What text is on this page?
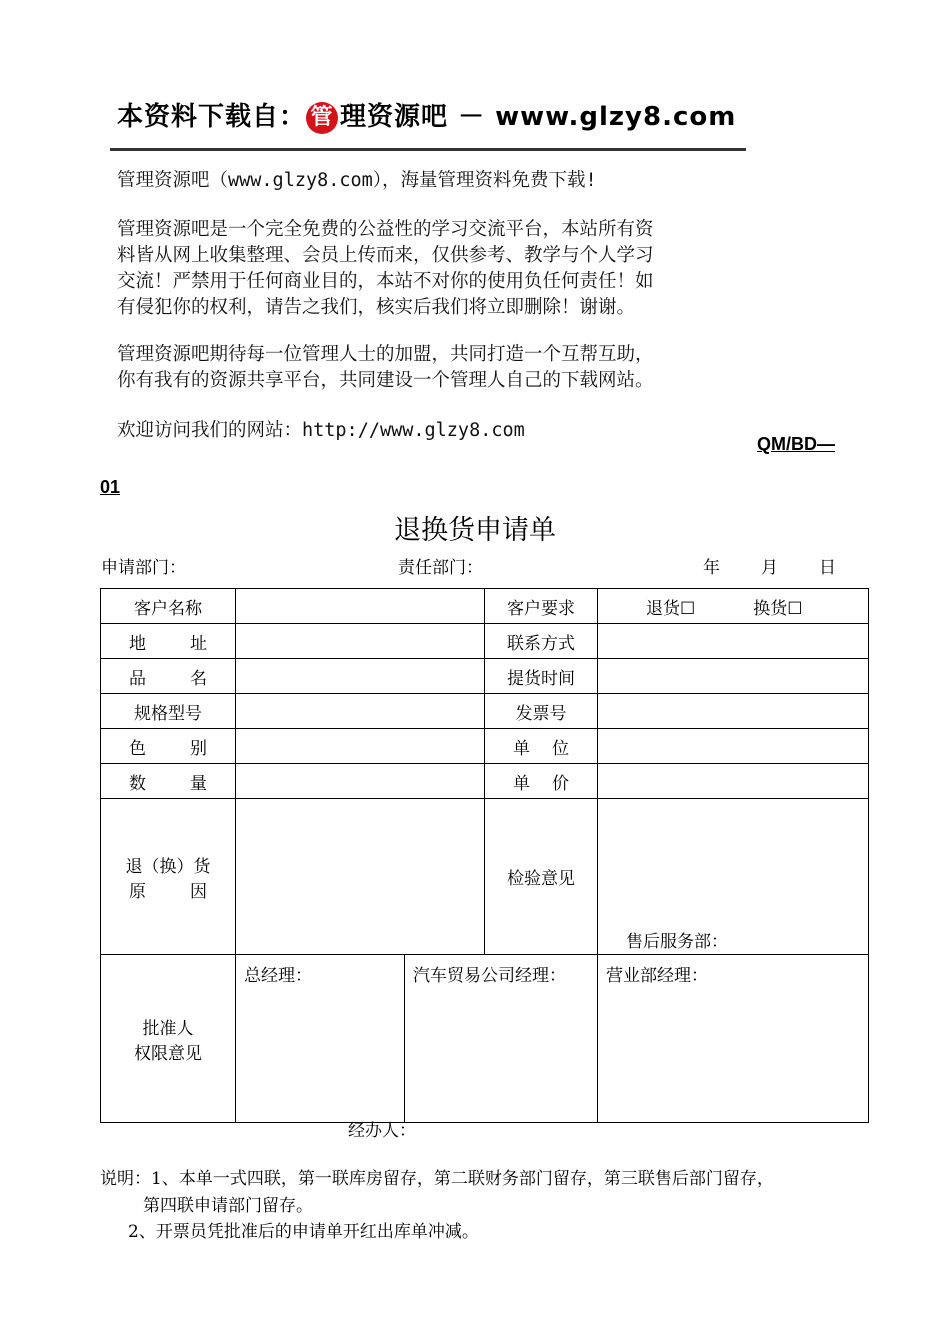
本资料下载自： 管 理资源吧 － www.glzy8.com
管理资源吧（www.glzy8.com），海量管理资料免费下载!
管理资源吧是一个完全免费的公益性的学习交流平台，本站所有资
料皆从网上收集整理、会员上传而来，仅供参考、教学与个人学习
交流！严禁用于任何商业目的，本站不对你的使用负任何责任！如
有侵犯你的权利，请告之我们，核实后我们将立即删除！谢谢。
管理资源吧期待每一位管理人士的加盟，共同打造一个互帮互助，
你有我有的资源共享平台，共同建设一个管理人自己的下载网站。
欢迎访问我们的网站：http://www.glzy8.com
QM/BD—
01
退换货申请单
申请部门：	责任部门：	年 月 日
客户名称			客户要求	退货☐ 换货☐
地址			联系方式	
品名			提货时间	
规格型号			发票号	
色别			单位	
数量			单价	

退（换）货
原因			检验意见	售后服务部：

批准人
权限意见	总经理：	汽车贸易公司经理：		营业部经理：
经办人：
说明：1、本单一式四联，第一联库房留存，第二联财务部门留存，第三联售后部门留存，
第四联申请部门留存。
2、开票员凭批准后的申请单开红出库单冲减。
